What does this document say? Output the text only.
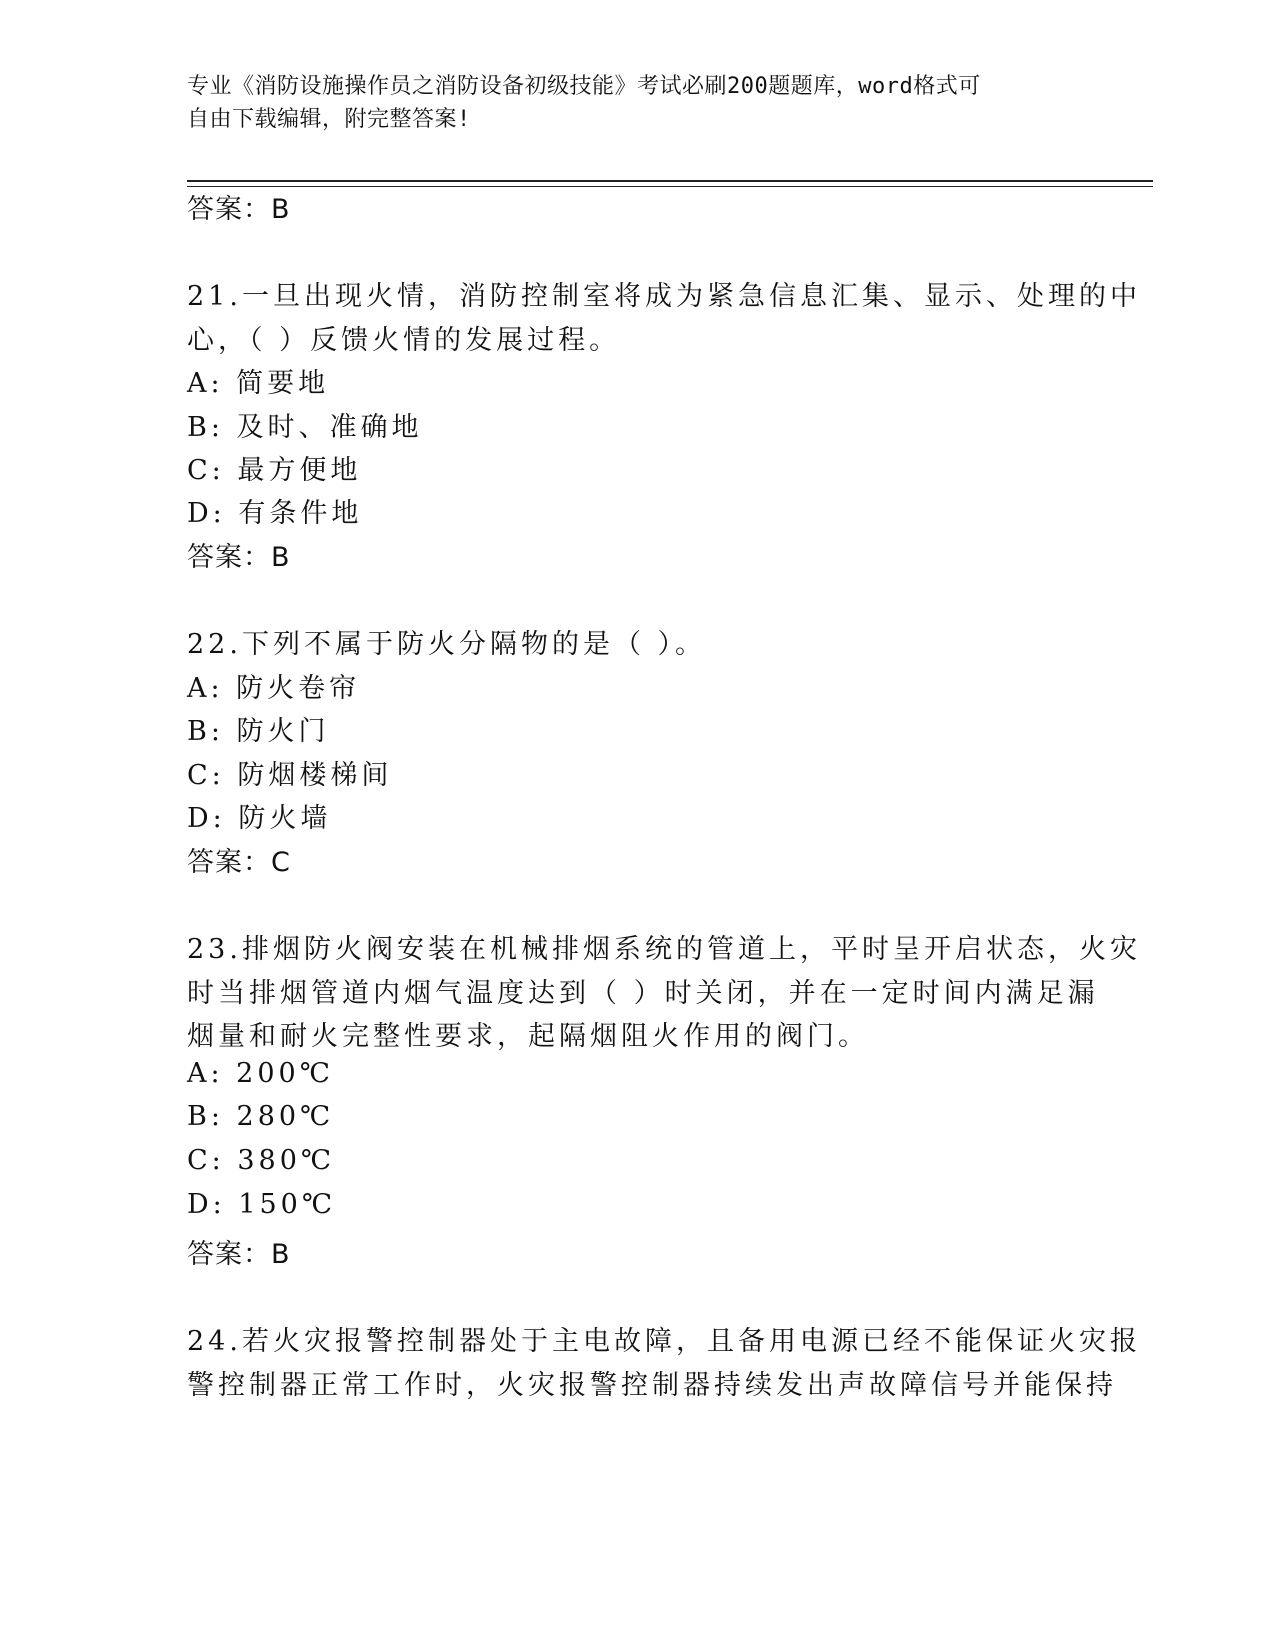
专业《消防设施操作员之消防设备初级技能》考试必刷200题题库，word格式可
自由下载编辑，附完整答案!
答案：B
21.一旦出现火情，消防控制室将成为紧急信息汇集、显示、处理的中
心，（ ）反馈火情的发展过程。
A: 简要地
B: 及时、准确地
C: 最方便地
D: 有条件地
答案：B
22.下列不属于防火分隔物的是（ ）。
A: 防火卷帘
B: 防火门
C: 防烟楼梯间
D: 防火墙
答案：C
23.排烟防火阀安装在机械排烟系统的管道上，平时呈开启状态，火灾
时当排烟管道内烟气温度达到（ ）时关闭，并在一定时间内满足漏
烟量和耐火完整性要求，起隔烟阻火作用的阀门。
A: 200℃
B: 280℃
C: 380℃
D: 150℃
答案：B
24.若火灾报警控制器处于主电故障，且备用电源已经不能保证火灾报
警控制器正常工作时，火灾报警控制器持续发出声故障信号并能保持
